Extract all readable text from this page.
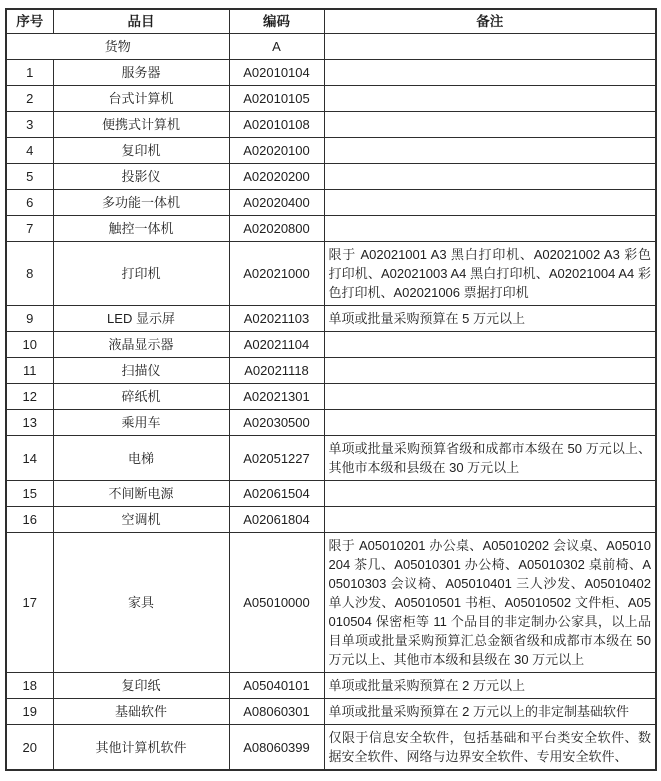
序号	品目	编码	备注
货物		A	
1	服务器	A02010104	
2	台式计算机	A02010105	
3	便携式计算机	A02010108	
4	复印机	A02020100	
5	投影仪	A02020200	
6	多功能一体机	A02020400	
7	触控一体机	A02020800	
8	打印机	A02021000	限于 A02021001 A3 黑白打印机、A02021002 A3 彩色打印机、A02021003 A4 黑白打印机、A02021004 A4 彩色打印机、A02021006 票据打印机
9	LED 显示屏	A02021103	单项或批量采购预算在 5 万元以上
10	液晶显示器	A02021104	
11	扫描仪	A02021118	
12	碎纸机	A02021301	
13	乘用车	A02030500	
14	电梯	A02051227	单项或批量采购预算省级和成都市本级在 50 万元以上、其他市本级和县级在 30 万元以上
15	不间断电源	A02061504	
16	空调机	A02061804	
17	家具	A05010000	限于 A05010201 办公桌、A05010202 会议桌、A05010204 茶几、A05010301 办公椅、A05010302 桌前椅、A05010303 会议椅、A05010401 三人沙发、A05010402 单人沙发、A05010501 书柜、A05010502 文件柜、A05010504 保密柜等 11 个品目的非定制办公家具，以上品目单项或批量采购预算汇总金额省级和成都市本级在 50 万元以上、其他市本级和县级在 30 万元以上
18	复印纸	A05040101	单项或批量采购预算在 2 万元以上
19	基础软件	A08060301	单项或批量采购预算在 2 万元以上的非定制基础软件
20	其他计算机软件	A08060399	仅限于信息安全软件，包括基础和平台类安全软件、数据安全软件、网络与边界安全软件、专用安全软件、
